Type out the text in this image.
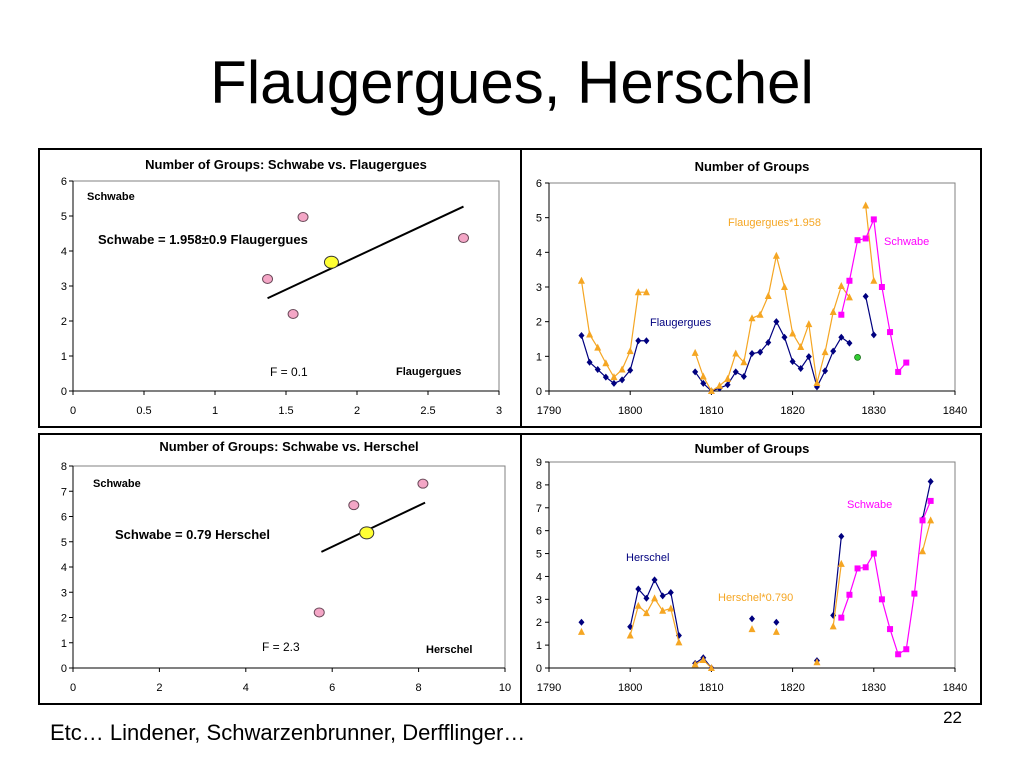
Flaugergues, Herschel
Number of Groups: Schwabe vs. Flaugergues
0	0.5	1	1.5	2	2.5	3
0
1
2
3
4
5
6
Schwabe
Schwabe = 1.958±0.9 Flaugergues
F = 0.1	Flaugergues
Number of Groups
1790	1800	1810	1820	1830	1840
0
1
2
3
4
5
6
Flaugergues*1.958
Flaugergues
Schwabe
Number of Groups: Schwabe vs. Herschel
0	2	4	6	8	10
0
1
2
3
4
5
6
7
8
Schwabe
Schwabe = 0.79 Herschel
F = 2.3	Herschel
Number of Groups
1790	1800	1810	1820	1830	1840
0
1
2
3
4
5
6
7
8
9
Herschel
Herschel*0.790
Schwabe
22
Etc… Lindener, Schwarzenbrunner, Derfflinger…
